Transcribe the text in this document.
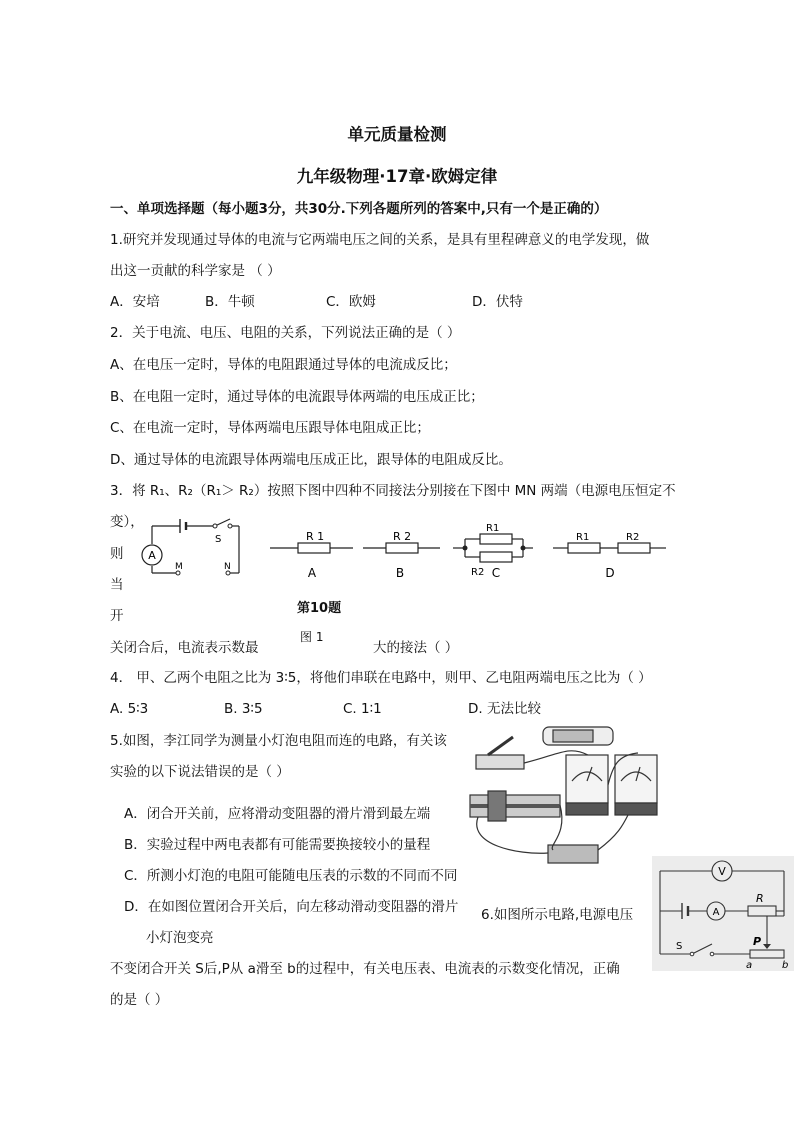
单元质量检测
九年级物理·17章·欧姆定律
一、单项选择题（每小题3分，共30分.下列各题所列的答案中,只有一个是正确的）
1.研究并发现通过导体的电流与它两端电压之间的关系，是具有里程碑意义的电学发现，做
出这一贡献的科学家是 （ ）
A．安培	B．牛顿	C．欧姆	D．伏特
2．关于电流、电压、电阻的关系，下列说法正确的是（ ）
A、在电压一定时，导体的电阻跟通过导体的电流成反比；
B、在电阻一定时，通过导体的电流跟导体两端的电压成正比；
C、在电流一定时，导体两端电压跟导体电阻成正比；
D、通过导体的电流跟导体两端电压成正比，跟导体的电阻成反比。
3．将 R₁、R₂（R₁＞ R₂）按照下图中四种不同接法分别接在下图中 MN 两端（电源电压恒定不
变），
则
当
开
关闭合后，电流表示数最	大的接法（ ）
第10题
图 1
A
S
M	N
R 1	R 2
R1
R2
R1	R2
A	B	C	D
4． 甲、乙两个电阻之比为 3∶5，将他们串联在电路中，则甲、乙电阻两端电压之比为（ ）
A. 5∶3	B. 3∶5	C. 1∶1	D. 无法比较
5.如图，李江同学为测量小灯泡电阻而连的电路，有关该
实验的以下说法错误的是（ ）
A．闭合开关前，应将滑动变阻器的滑片滑到最左端
B．实验过程中两电表都有可能需要换接较小的量程
C．所测小灯泡的电阻可能随电压表的示数的不同而不同
D．在如图位置闭合开关后，向左移动滑动变阻器的滑片
小灯泡变亮
6.如图所示电路,电源电压
不变闭合开关 S后,P从 a滑至 b的过程中，有关电压表、电流表的示数变化情况，正确
的是（ ）
V
A
R
S	P
a	b
